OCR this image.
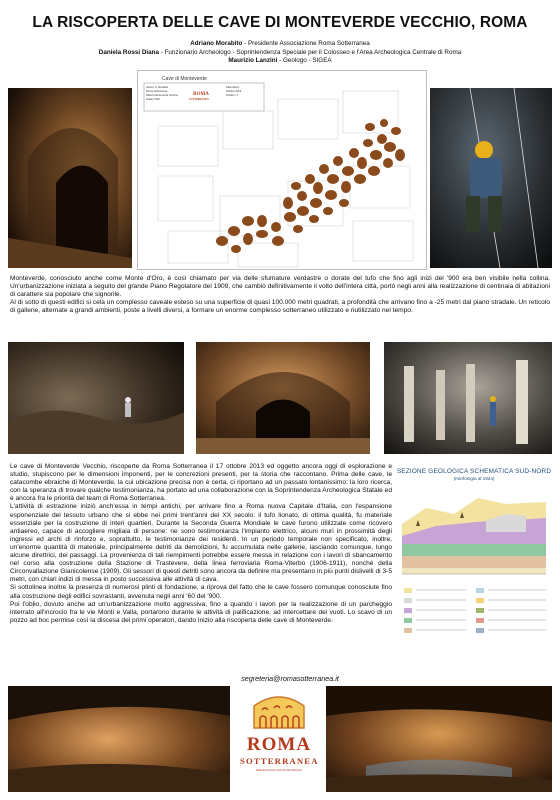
LA RISCOPERTA DELLE CAVE DI MONTEVERDE VECCHIO, ROMA
Adriano Morabito - Presidente Associazione Roma Sotterranea
Daniela Rossi Diana - Funzionario Archeologo - Soprintendenza Speciale per il Colosseo e l'Area Archeologica Centrale di Roma
Maurizio Lanzini - Geologo - SIGEA
Cave di Monteverde
Autore: A. Morabito
Roma Sotterranea
Rilievo Monteverde Vecchio
Scala 1:500
ROMA
SOTTERRANEA
Data rilievo:
Ottobre 2013
Tavola n. 1

Monteverde, conosciuto anche come Monte d'Oro, è così chiamato per via delle sfumature verdastre o dorate del tufo che fino agli inizi del '900 era ben visibile nella collina. Un'urbanizzazione iniziata a seguito del grande Piano Regolatore del 1909, che cambiò definitivamente il volto dell'intera città, portò negli anni alla realizzazione di centinaia di abitazioni di carattere sia popolare che signorile.

Al di sotto di questi edifici si cela un complesso caveale esteso su una superficie di quasi 100.000 metri quadrati, a profondità che arrivano fino a -25 metri dal piano stradale. Un reticolo di gallerie, alternate a grandi ambienti, poste a livelli diversi, a formare un enorme complesso sotterraneo utilizzato e riutilizzato nel tempo.

Le cave di Monteverde Vecchio, riscoperte da Roma Sotterranea il 17 ottobre 2013 ed oggetto ancora oggi di esplorazione e studio, stupiscono per le dimensioni imponenti, per le concrezioni presenti, per la storia che raccontano. Prima delle cave, le catacombe ebraiche di Monteverde, la cui ubicazione precisa non è certa, ci riportano ad un passato lontanissimo: la loro ricerca, con la speranza di trovare qualche testimonianza, ha portato ad una collaborazione con la Soprintendenza Archeologica Statale ed è ancora fra le priorità del team di Roma Sotterranea.

L'attività di estrazione iniziò anch'essa in tempi antichi, per arrivare fino a Roma nuova Capitale d'Italia, con l'espansione esponenziale del tessuto urbano che si ebbe nei primi trent'anni del XX secolo: il tufo lionato, di ottima qualità, fu materiale essenziale per la costruzione di interi quartieri. Durante la Seconda Guerra Mondiale le cave furono utilizzate come ricovero antiaereo, capace di accogliere migliaia di persone: ne sono testimonianza l'impianto elettrico, alcuni muri in prossimità degli ingressi ed archi di rinforzo e, soprattutto, le testimonianze dei residenti. In un periodo temporale non specificato, inoltre, un'enorme quantità di materiale, principalmente detriti da demolizioni, fu accumulata nelle gallerie, lasciando comunque, lungo alcune direttrici, dei passaggi. La provenienza di tali riempimenti potrebbe essere messa in relazione con i lavori di sbancamento nel corso alla costruzione della Stazione di Trastevere, della linea ferroviaria Roma-Viterbo (1906-1911), nonché della Circonvallazione Gianicolense (1909). Gli sessori di questi detriti sono ancora da definire ma presentano in più punti dislivelli di 3-5 metri, con chiari indizi di messa in posto successiva alle attività di cava.

Si sottolinea inoltre la presenza di numerosi plinti di fondazione, a riprova del fatto che le cave fossero comunque conosciute fino alla costruzione degli edifici sovrastanti, avvenuta negli anni '60 del '900.

Poi l'oblio, dovuto anche ad un'urbanizzazione molto aggressiva, fino a quando i lavori per la realizzazione di un parcheggio interrato all'incrocio fra le vie Monti e Valla, portarono durante le attività di palificazione, ad intercettare dei vuoti. Lo scavo di un pozzo ad hoc permise così la discesa dei primi operatori, dando inizio alla riscoperta delle cave di Monteverde.

SEZIONE GEOLOGICA SCHEMATICA SUD-NORD
(morfologia al 1924)
segreteria@romasotterranea.it
ROMA
SOTTERRANEA
SPELEOLOGIA CAVITÀ ARTIFICIALI
